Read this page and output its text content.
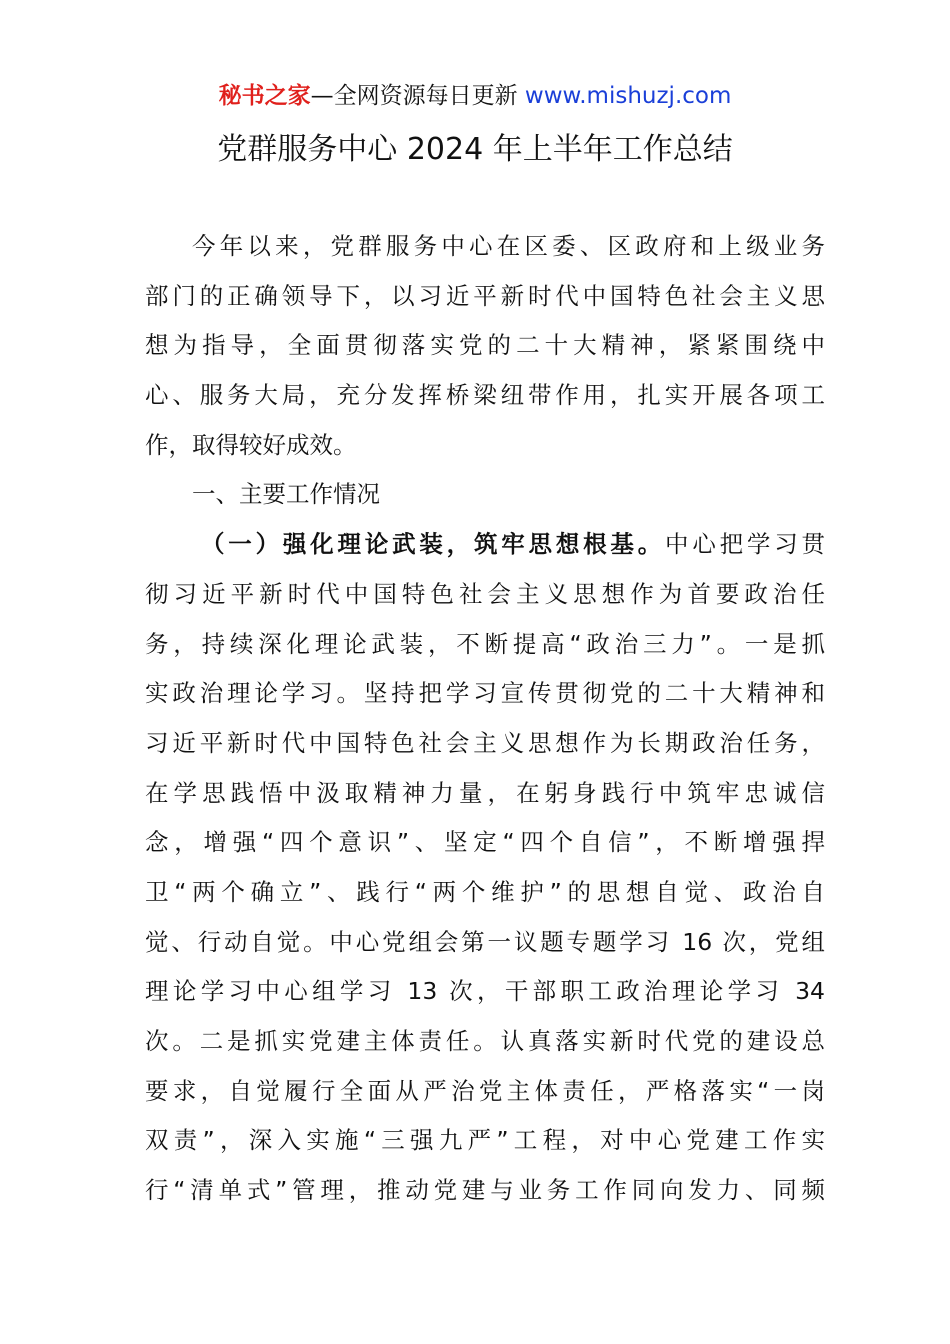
秘书之家—全网资源每日更新 www.mishuzj.com
党群服务中心 2024 年上半年工作总结
今年以来，党群服务中心在区委、区政府和上级业务
部门的正确领导下，以习近平新时代中国特色社会主义思
想为指导，全面贯彻落实党的二十大精神，紧紧围绕中
心、服务大局，充分发挥桥梁纽带作用，扎实开展各项工
作，取得较好成效。
一、主要工作情况
（一）强化理论武装，筑牢思想根基。中心把学习贯
彻习近平新时代中国特色社会主义思想作为首要政治任
务，持续深化理论武装，不断提高“政治三力”。一是抓
实政治理论学习。坚持把学习宣传贯彻党的二十大精神和
习近平新时代中国特色社会主义思想作为长期政治任务，
在学思践悟中汲取精神力量，在躬身践行中筑牢忠诚信
念，增强“四个意识”、坚定“四个自信”，不断增强捍
卫“两个确立”、践行“两个维护”的思想自觉、政治自
觉、行动自觉。中心党组会第一议题专题学习 16 次，党组
理论学习中心组学习 13 次，干部职工政治理论学习 34
次。二是抓实党建主体责任。认真落实新时代党的建设总
要求，自觉履行全面从严治党主体责任，严格落实“一岗
双责”，深入实施“三强九严”工程，对中心党建工作实
行“清单式”管理，推动党建与业务工作同向发力、同频
